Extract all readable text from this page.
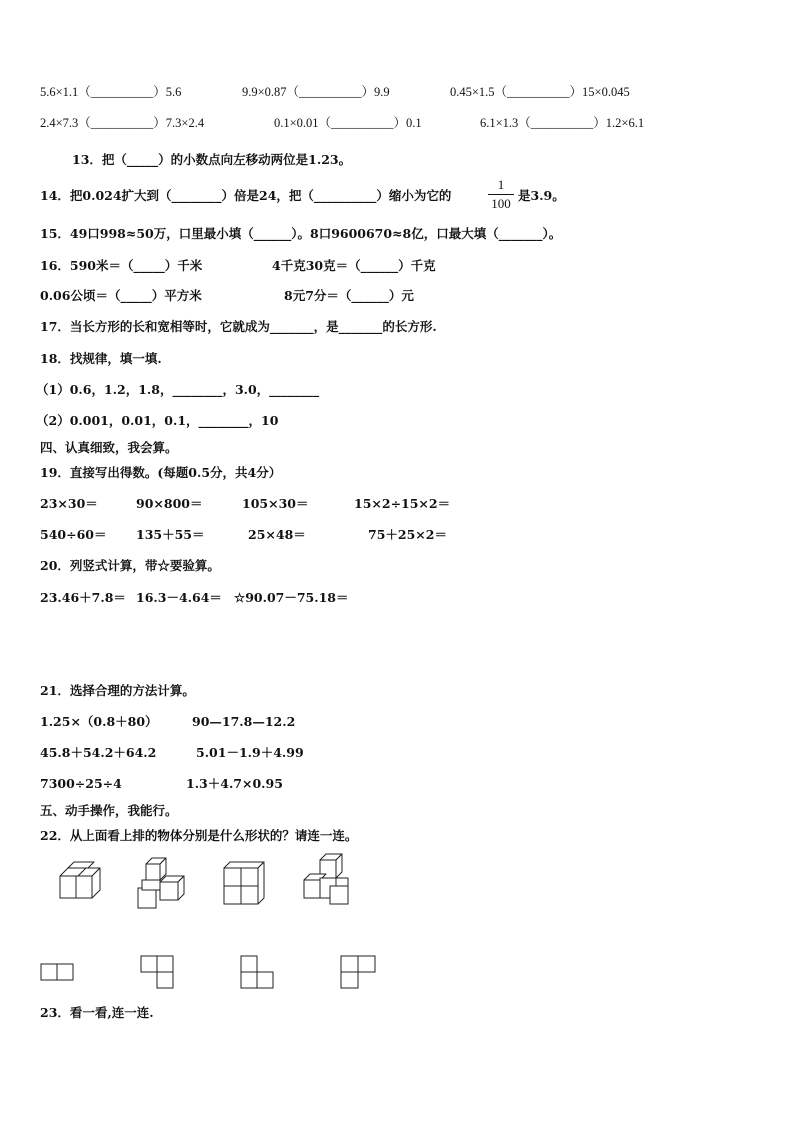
5.6×1.1（__________）5.6	9.9×0.87（__________）9.9	0.45×1.5（__________）15×0.045
2.4×7.3（__________）7.3×2.4	0.1×0.01（__________）0.1	6.1×1.3（__________）1.2×6.1
13．把（_____）的小数点向左移动两位是1.23。
14．把0.024扩大到（________）倍是24，把（__________）缩小为它的
1
100
是3.9。
15．49口998≈50万，口里最小填（______）。8口9600670≈8亿，口最大填（_______）。
16．590米＝（_____）千米	4千克30克＝（______）千克
0.06公顷＝（_____）平方米	8元7分＝（______）元
17．当长方形的长和宽相等时，它就成为_______，是_______的长方形.
18．找规律，填一填.
（1）0.6，1.2，1.8，________，3.0，________
（2）0.001，0.01，0.1，________，10
四、认真细致，我会算。
19．直接写出得数。(每题0.5分，共4分）
23×30＝	90×800＝	105×30＝	15×2÷15×2＝
540÷60＝ 135＋55＝	25×48＝	75＋25×2＝
20．列竖式计算，带☆要验算。
23.46＋7.8＝ 16.3－4.64＝ ☆90.07－75.18＝
21．选择合理的方法计算。
1.25×（0.8＋80）	90—17.8—12.2
45.8＋54.2＋64.2	5.01－1.9＋4.99
7300÷25÷4	1.3＋4.7×0.95
五、动手操作，我能行。
22．从上面看上排的物体分别是什么形状的？请连一连。
23．看一看,连一连.
